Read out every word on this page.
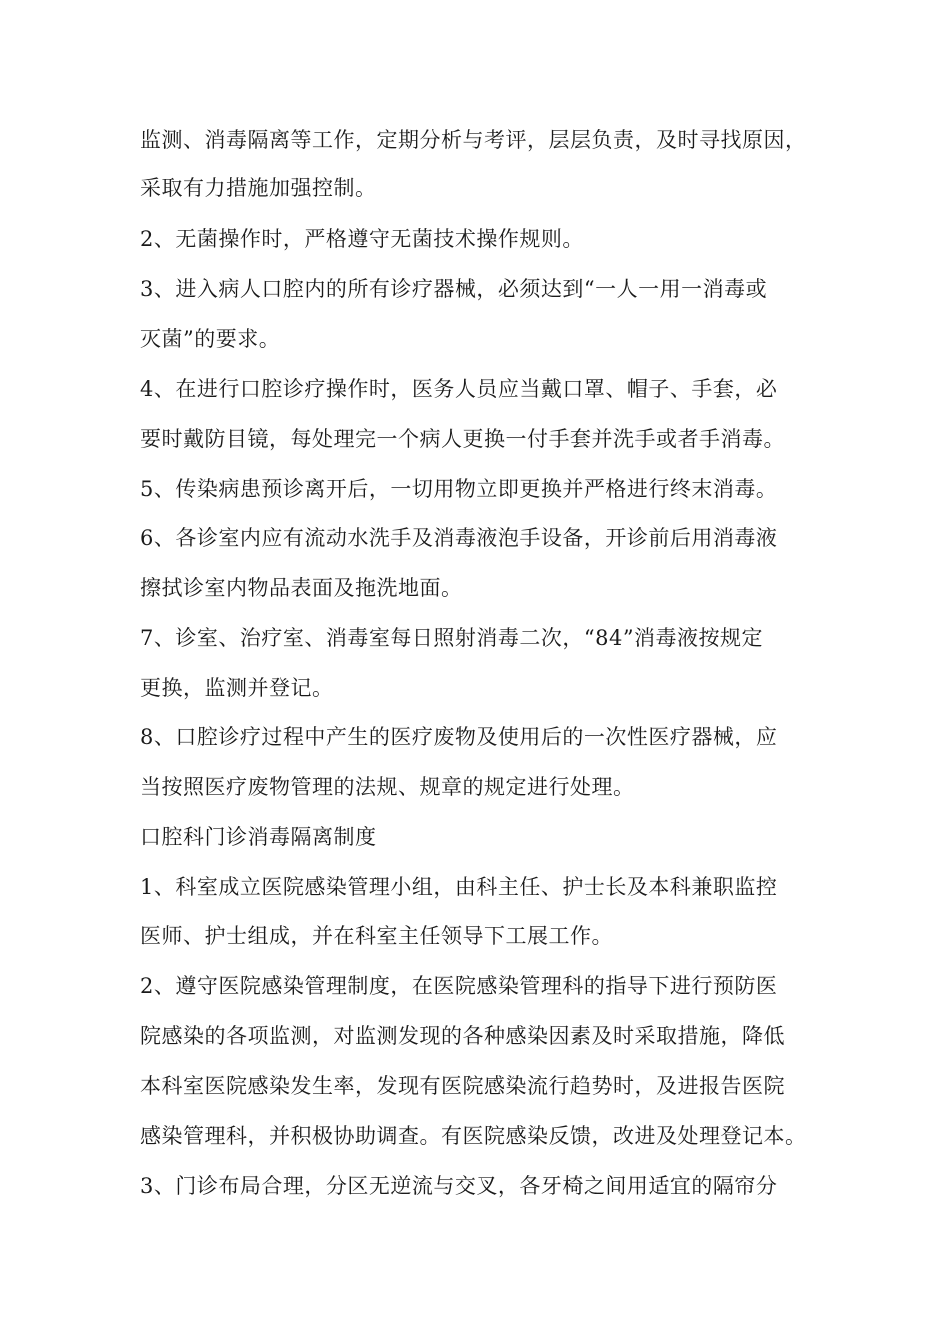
监测、消毒隔离等工作，定期分析与考评，层层负责，及时寻找原因，
采取有力措施加强控制。
2、无菌操作时，严格遵守无菌技术操作规则。
3、进入病人口腔内的所有诊疗器械，必须达到“一人一用一消毒或
灭菌”的要求。
4、在进行口腔诊疗操作时，医务人员应当戴口罩、帽子、手套，必
要时戴防目镜，每处理完一个病人更换一付手套并洗手或者手消毒。
5、传染病患预诊离开后，一切用物立即更换并严格进行终末消毒。
6、各诊室内应有流动水洗手及消毒液泡手设备，开诊前后用消毒液
擦拭诊室内物品表面及拖洗地面。
7、诊室、治疗室、消毒室每日照射消毒二次，“84”消毒液按规定
更换，监测并登记。
8、口腔诊疗过程中产生的医疗废物及使用后的一次性医疗器械，应
当按照医疗废物管理的法规、规章的规定进行处理。
口腔科门诊消毒隔离制度
1、科室成立医院感染管理小组，由科主任、护士长及本科兼职监控
医师、护士组成，并在科室主任领导下工展工作。
2、遵守医院感染管理制度，在医院感染管理科的指导下进行预防医
院感染的各项监测，对监测发现的各种感染因素及时采取措施，降低
本科室医院感染发生率，发现有医院感染流行趋势时，及进报告医院
感染管理科，并积极协助调查。有医院感染反馈，改进及处理登记本。
3、门诊布局合理，分区无逆流与交叉，各牙椅之间用适宜的隔帘分
